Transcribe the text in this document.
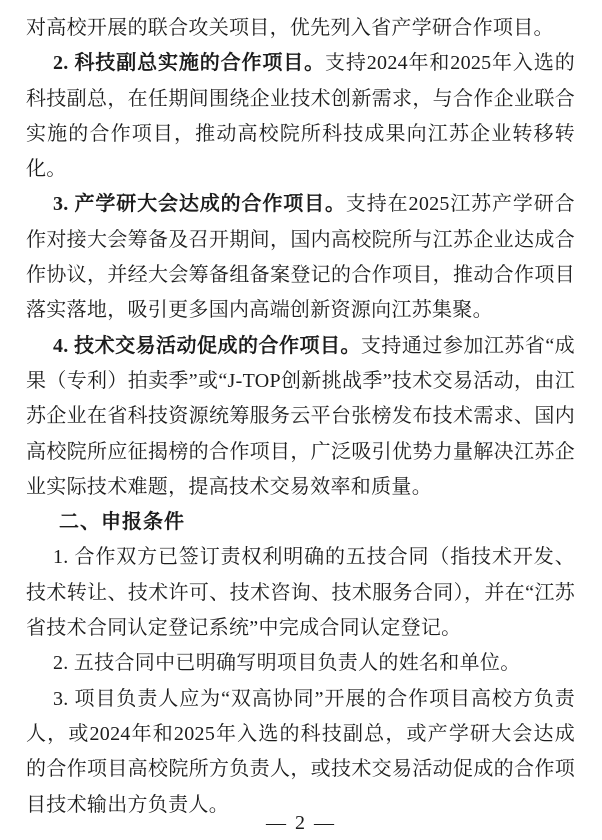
对高校开展的联合攻关项目，优先列入省产学研合作项目。

2. 科技副总实施的合作项目。支持2024年和2025年入选的科技副总，在任期间围绕企业技术创新需求，与合作企业联合实施的合作项目，推动高校院所科技成果向江苏企业转移转化。

3. 产学研大会达成的合作项目。支持在2025江苏产学研合作对接大会筹备及召开期间，国内高校院所与江苏企业达成合作协议，并经大会筹备组备案登记的合作项目，推动合作项目落实落地，吸引更多国内高端创新资源向江苏集聚。

4. 技术交易活动促成的合作项目。支持通过参加江苏省“成果（专利）拍卖季”或“J-TOP创新挑战季”技术交易活动，由江苏企业在省科技资源统筹服务云平台张榜发布技术需求、国内高校院所应征揭榜的合作项目，广泛吸引优势力量解决江苏企业实际技术难题，提高技术交易效率和质量。

二、申报条件

1. 合作双方已签订责权利明确的五技合同（指技术开发、技术转让、技术许可、技术咨询、技术服务合同），并在“江苏省技术合同认定登记系统”中完成合同认定登记。

2. 五技合同中已明确写明项目负责人的姓名和单位。

3. 项目负责人应为“双高协同”开展的合作项目高校方负责人，或2024年和2025年入选的科技副总，或产学研大会达成的合作项目高校院所方负责人，或技术交易活动促成的合作项目技术输出方负责人。

— 2 —
